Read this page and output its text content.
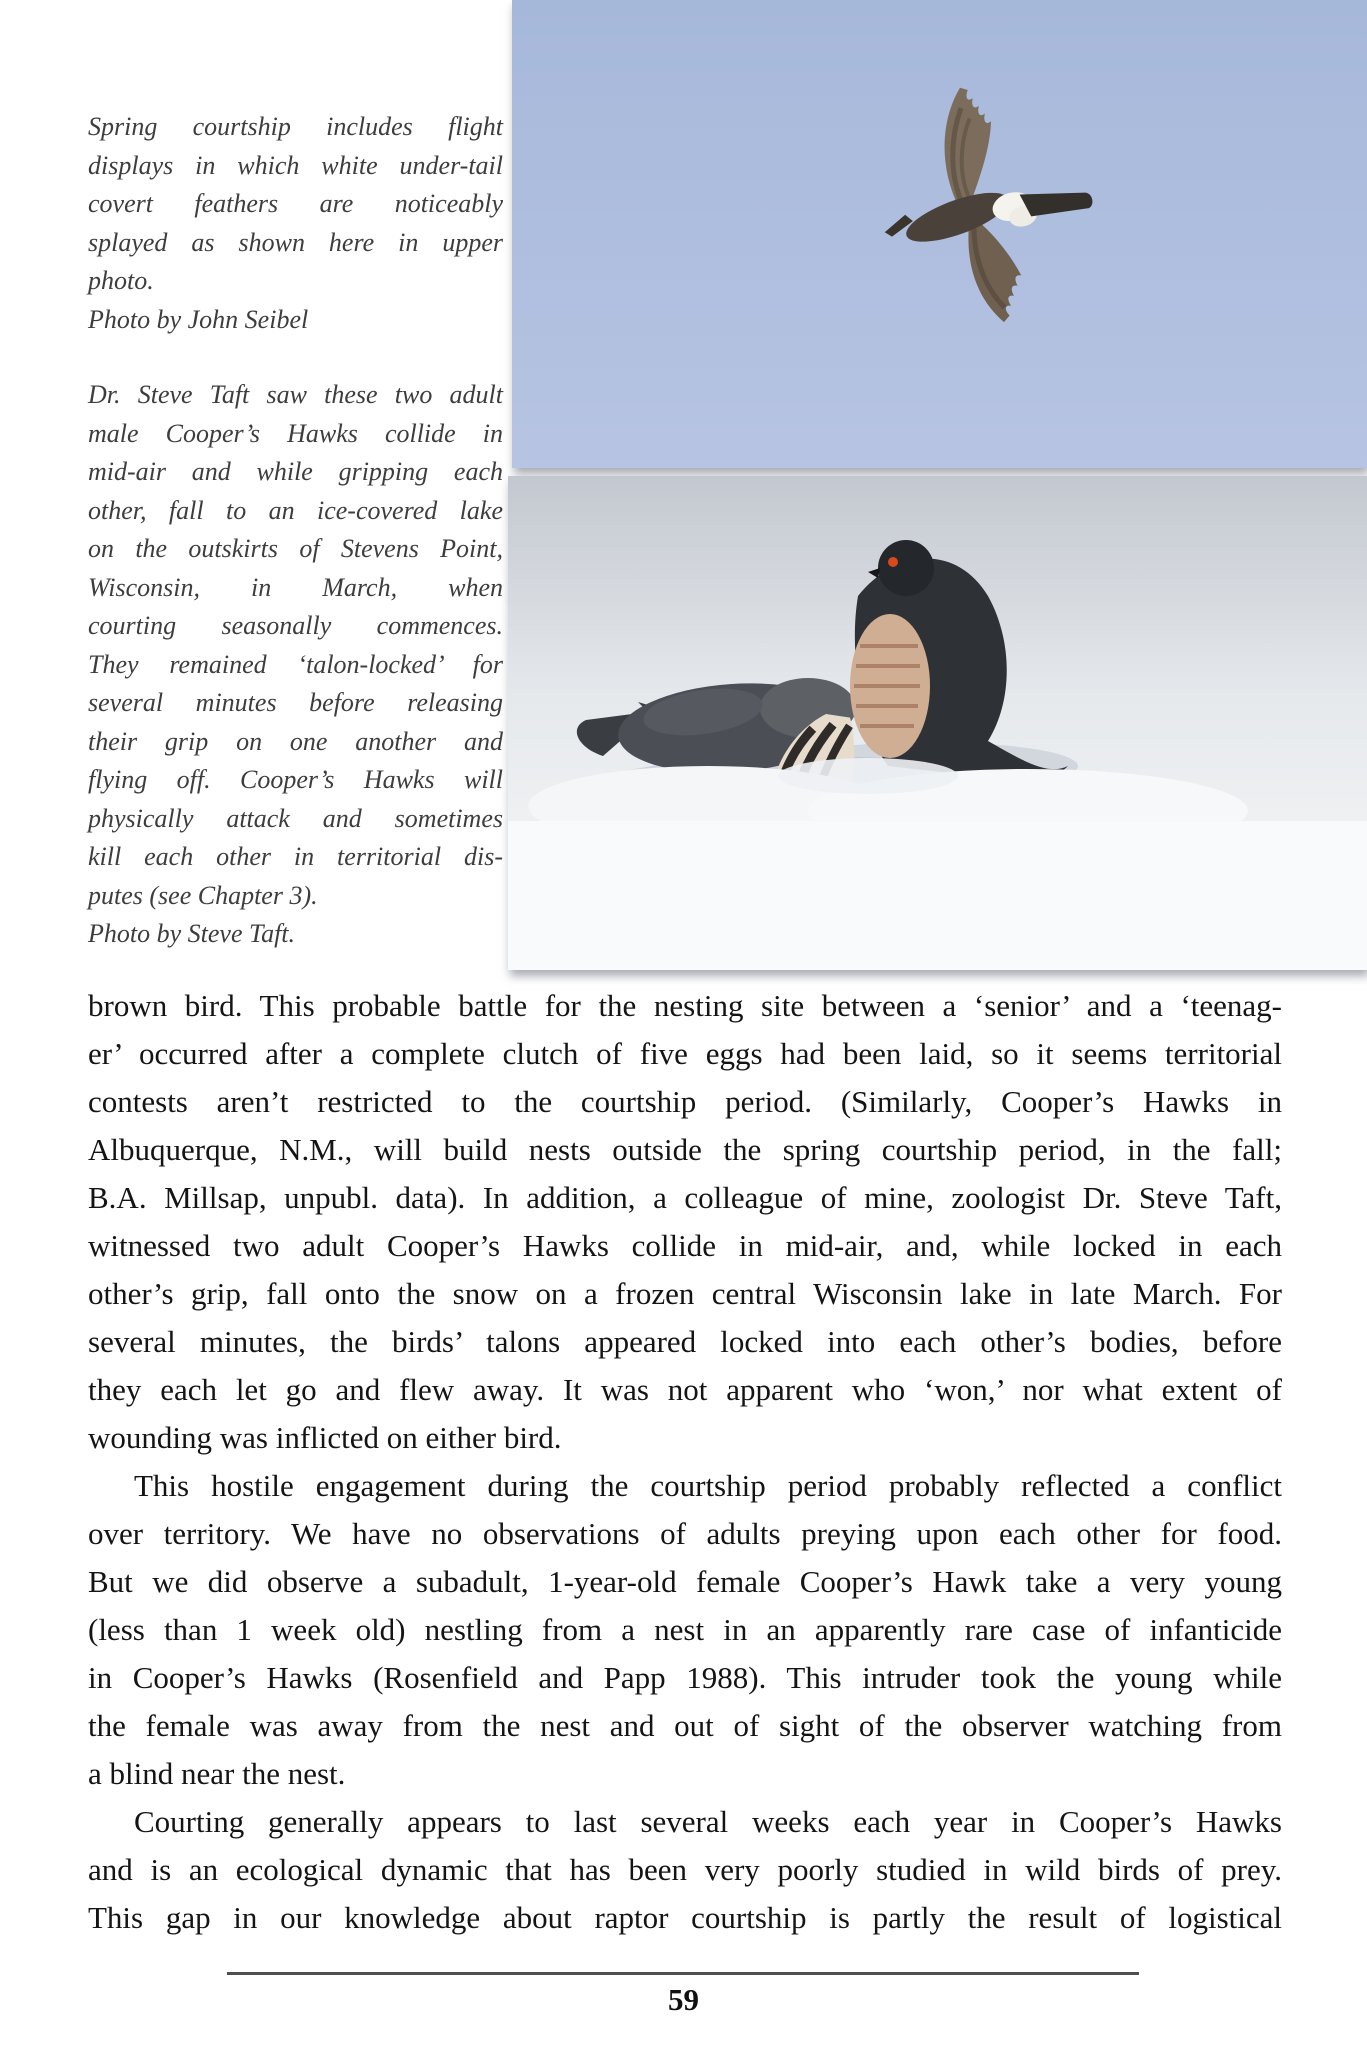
Spring courtship includes flight
displays in which white under-tail
covert feathers are noticeably
splayed as shown here in upper
photo.
Photo by John Seibel
Dr. Steve Taft saw these two adult
male Cooper’s Hawks collide in
mid-air and while gripping each
other, fall to an ice-covered lake
on the outskirts of Stevens Point,
Wisconsin, in March, when
courting seasonally commences.
They remained ‘talon-locked’ for
several minutes before releasing
their grip on one another and
flying off. Cooper’s Hawks will
physically attack and sometimes
kill each other in territorial dis-
putes (see Chapter 3).
Photo by Steve Taft.
brown bird. This probable battle for the nesting site between a ‘senior’ and a ‘teenag-
er’ occurred after a complete clutch of five eggs had been laid, so it seems territorial
contests aren’t restricted to the courtship period. (Similarly, Cooper’s Hawks in
Albuquerque, N.M., will build nests outside the spring courtship period, in the fall;
B.A. Millsap, unpubl. data). In addition, a colleague of mine, zoologist Dr. Steve Taft,
witnessed two adult Cooper’s Hawks collide in mid-air, and, while locked in each
other’s grip, fall onto the snow on a frozen central Wisconsin lake in late March. For
several minutes, the birds’ talons appeared locked into each other’s bodies, before
they each let go and flew away. It was not apparent who ‘won,’ nor what extent of
wounding was inflicted on either bird.
This hostile engagement during the courtship period probably reflected a conflict
over territory. We have no observations of adults preying upon each other for food.
But we did observe a subadult, 1-year-old female Cooper’s Hawk take a very young
(less than 1 week old) nestling from a nest in an apparently rare case of infanticide
in Cooper’s Hawks (Rosenfield and Papp 1988). This intruder took the young while
the female was away from the nest and out of sight of the observer watching from
a blind near the nest.
Courting generally appears to last several weeks each year in Cooper’s Hawks
and is an ecological dynamic that has been very poorly studied in wild birds of prey.
This gap in our knowledge about raptor courtship is partly the result of logistical
59
